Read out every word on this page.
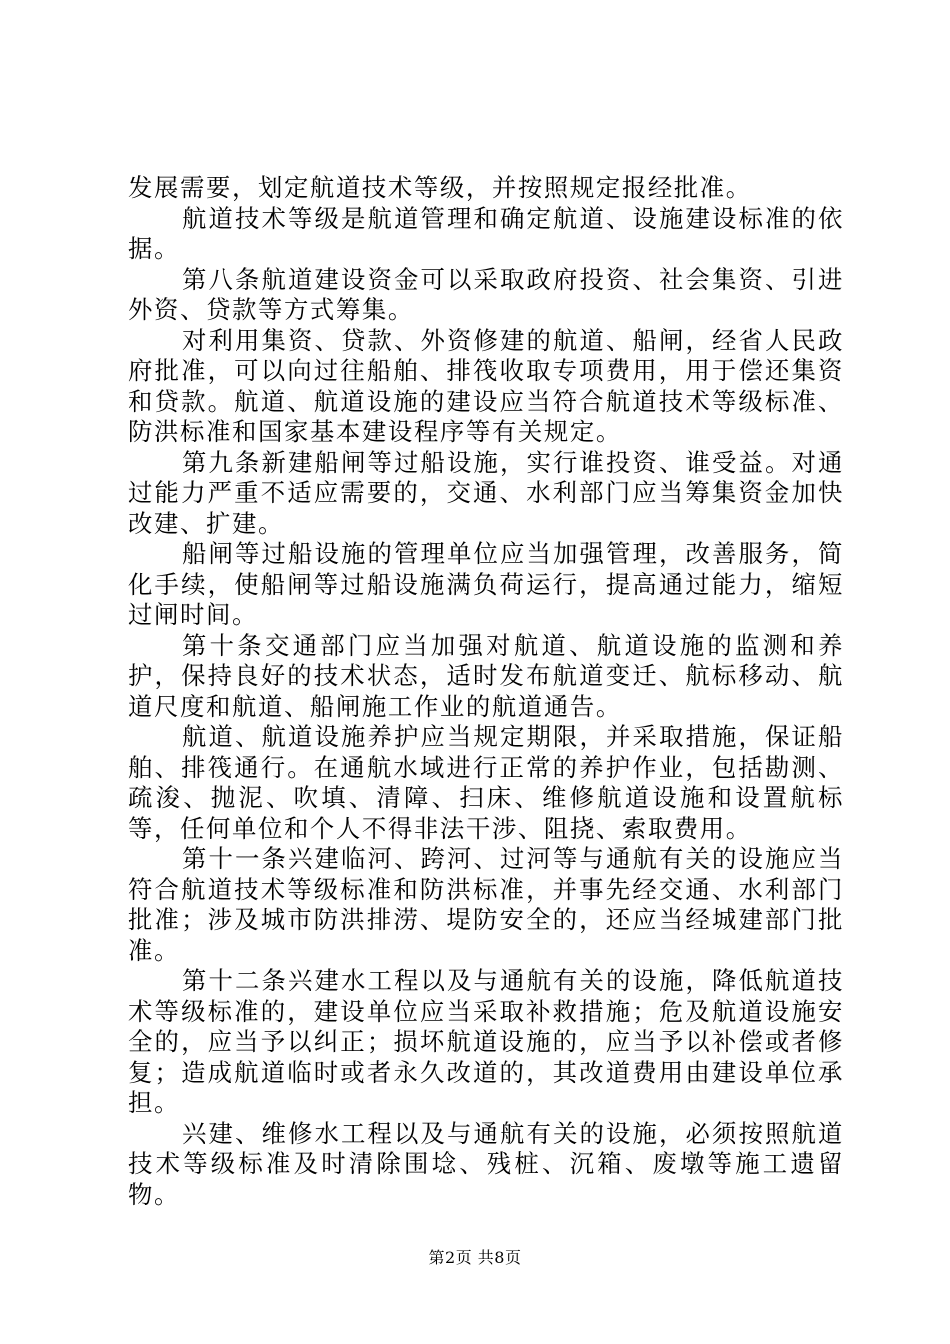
发展需要，划定航道技术等级，并按照规定报经批准。

航道技术等级是航道管理和确定航道、设施建设标准的依据。

第八条航道建设资金可以采取政府投资、社会集资、引进外资、贷款等方式筹集。

对利用集资、贷款、外资修建的航道、船闸，经省人民政府批准，可以向过往船舶、排筏收取专项费用，用于偿还集资和贷款。航道、航道设施的建设应当符合航道技术等级标准、防洪标准和国家基本建设程序等有关规定。

第九条新建船闸等过船设施，实行谁投资、谁受益。对通过能力严重不适应需要的，交通、水利部门应当筹集资金加快改建、扩建。

船闸等过船设施的管理单位应当加强管理，改善服务，简化手续，使船闸等过船设施满负荷运行，提高通过能力，缩短过闸时间。

第十条交通部门应当加强对航道、航道设施的监测和养护，保持良好的技术状态，适时发布航道变迁、航标移动、航道尺度和航道、船闸施工作业的航道通告。

航道、航道设施养护应当规定期限，并采取措施，保证船舶、排筏通行。在通航水域进行正常的养护作业，包括勘测、疏浚、抛泥、吹填、清障、扫床、维修航道设施和设置航标等，任何单位和个人不得非法干涉、阻挠、索取费用。

第十一条兴建临河、跨河、过河等与通航有关的设施应当符合航道技术等级标准和防洪标准，并事先经交通、水利部门批准；涉及城市防洪排涝、堤防安全的，还应当经城建部门批准。

第十二条兴建水工程以及与通航有关的设施，降低航道技术等级标准的，建设单位应当采取补救措施；危及航道设施安全的，应当予以纠正；损坏航道设施的，应当予以补偿或者修复；造成航道临时或者永久改道的，其改道费用由建设单位承担。

兴建、维修水工程以及与通航有关的设施，必须按照航道技术等级标准及时清除围埝、残桩、沉箱、废墩等施工遗留物。

第2页 共8页
